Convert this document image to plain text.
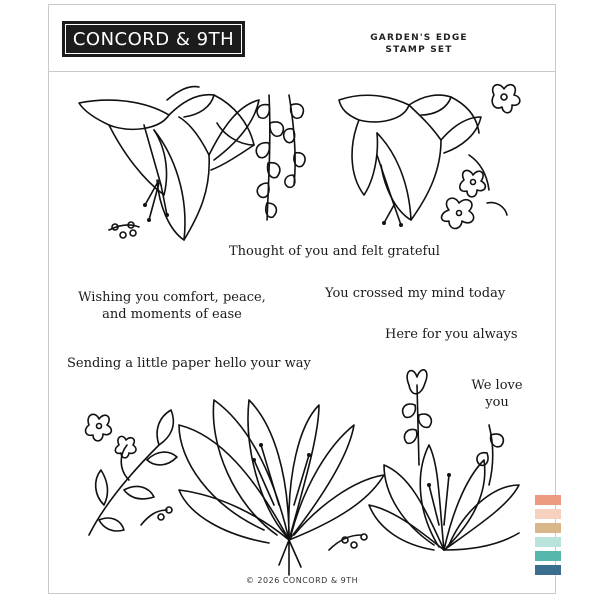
CONCORD & 9TH	GARDEN'S EDGE
STAMP SET
Thought of you and felt grateful
Wishing you comfort, peace,
and moments of ease
You crossed my mind today
Here for you always
Sending a little paper hello your way
We love
you
© 2026 CONCORD & 9TH
